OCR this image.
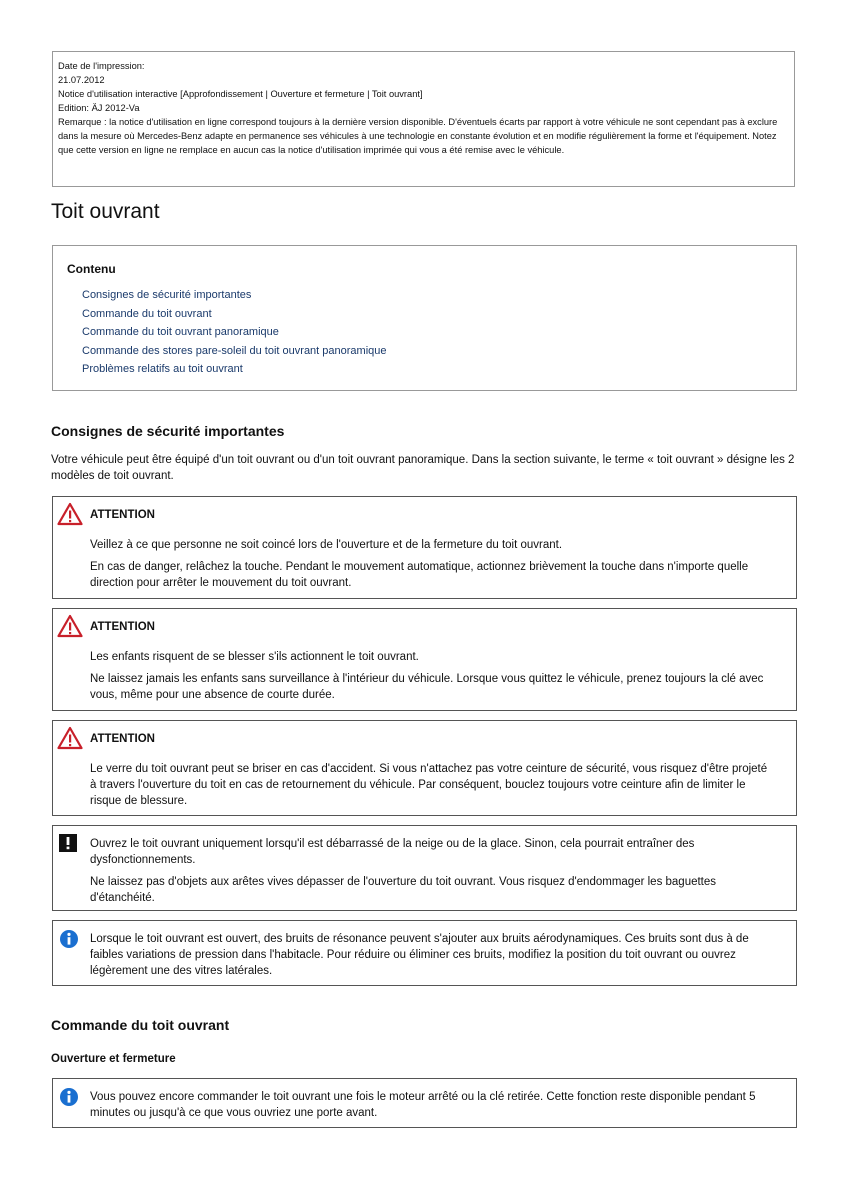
Date de l'impression:
21.07.2012
Notice d'utilisation interactive [Approfondissement | Ouverture et fermeture | Toit ouvrant]
Edition: ÄJ 2012-Va
Remarque : la notice d'utilisation en ligne correspond toujours à la dernière version disponible. D'éventuels écarts par rapport à votre véhicule ne sont cependant pas à exclure dans la mesure où Mercedes-Benz adapte en permanence ses véhicules à une technologie en constante évolution et en modifie régulièrement la forme et l'équipement. Notez que cette version en ligne ne remplace en aucun cas la notice d'utilisation imprimée qui vous a été remise avec le véhicule.
Toit ouvrant
Contenu
Consignes de sécurité importantes
Commande du toit ouvrant
Commande du toit ouvrant panoramique
Commande des stores pare-soleil du toit ouvrant panoramique
Problèmes relatifs au toit ouvrant
Consignes de sécurité importantes

Votre véhicule peut être équipé d'un toit ouvrant ou d'un toit ouvrant panoramique. Dans la section suivante, le terme « toit ouvrant » désigne les 2 modèles de toit ouvrant.

ATTENTION

Veillez à ce que personne ne soit coincé lors de l'ouverture et de la fermeture du toit ouvrant.

En cas de danger, relâchez la touche. Pendant le mouvement automatique, actionnez brièvement la touche dans n'importe quelle direction pour arrêter le mouvement du toit ouvrant.

ATTENTION

Les enfants risquent de se blesser s'ils actionnent le toit ouvrant.

Ne laissez jamais les enfants sans surveillance à l'intérieur du véhicule. Lorsque vous quittez le véhicule, prenez toujours la clé avec vous, même pour une absence de courte durée.

ATTENTION

Le verre du toit ouvrant peut se briser en cas d'accident. Si vous n'attachez pas votre ceinture de sécurité, vous risquez d'être projeté à travers l'ouverture du toit en cas de retournement du véhicule. Par conséquent, bouclez toujours votre ceinture afin de limiter le risque de blessure.

Ouvrez le toit ouvrant uniquement lorsqu'il est débarrassé de la neige ou de la glace. Sinon, cela pourrait entraîner des dysfonctionnements.

Ne laissez pas d'objets aux arêtes vives dépasser de l'ouverture du toit ouvrant. Vous risquez d'endommager les baguettes d'étanchéité.

Lorsque le toit ouvrant est ouvert, des bruits de résonance peuvent s'ajouter aux bruits aérodynamiques. Ces bruits sont dus à de faibles variations de pression dans l'habitacle. Pour réduire ou éliminer ces bruits, modifiez la position du toit ouvrant ou ouvrez légèrement une des vitres latérales.

Commande du toit ouvrant
Ouverture et fermeture

Vous pouvez encore commander le toit ouvrant une fois le moteur arrêté ou la clé retirée. Cette fonction reste disponible pendant 5 minutes ou jusqu'à ce que vous ouvriez une porte avant.
